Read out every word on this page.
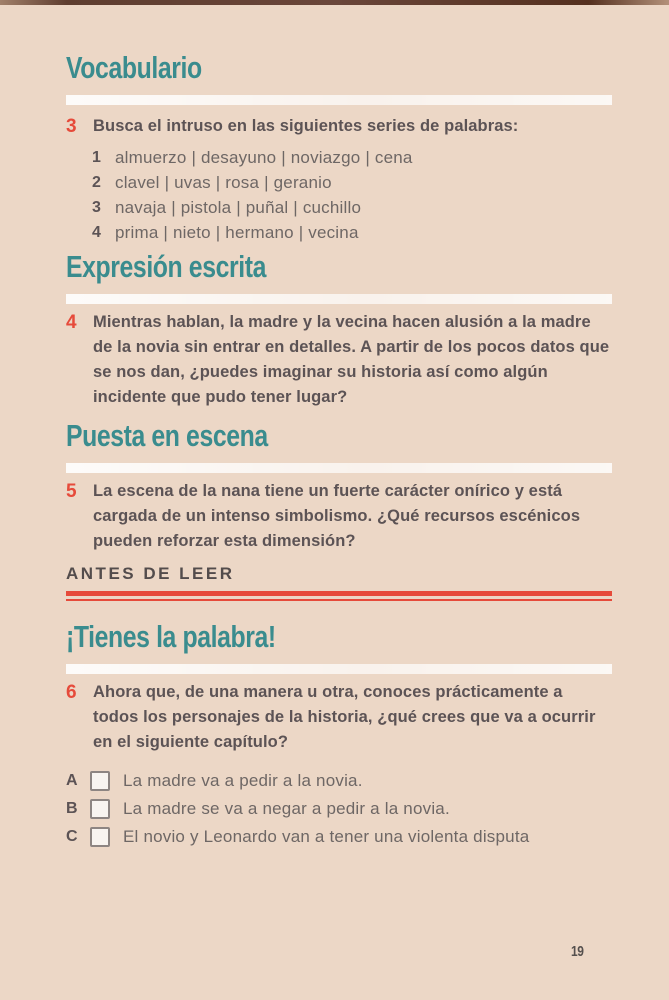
Vocabulario
3 Busca el intruso en las siguientes series de palabras:
1 almuerzo | desayuno | noviazgo | cena
2 clavel | uvas | rosa | geranio
3 navaja | pistola | puñal | cuchillo
4 prima | nieto | hermano | vecina
Expresión escrita
4 Mientras hablan, la madre y la vecina hacen alusión a la madre de la novia sin entrar en detalles. A partir de los pocos datos que se nos dan, ¿puedes imaginar su historia así como algún incidente que pudo tener lugar?
Puesta en escena
5 La escena de la nana tiene un fuerte carácter onírico y está cargada de un intenso simbolismo. ¿Qué recursos escénicos pueden reforzar esta dimensión?
ANTES DE LEER
¡Tienes la palabra!
6 Ahora que, de una manera u otra, conoces prácticamente a todos los personajes de la historia, ¿qué crees que va a ocurrir en el siguiente capítulo?
A	La madre va a pedir a la novia.
B	La madre se va a negar a pedir a la novia.
C	El novio y Leonardo van a tener una violenta disputa
19
